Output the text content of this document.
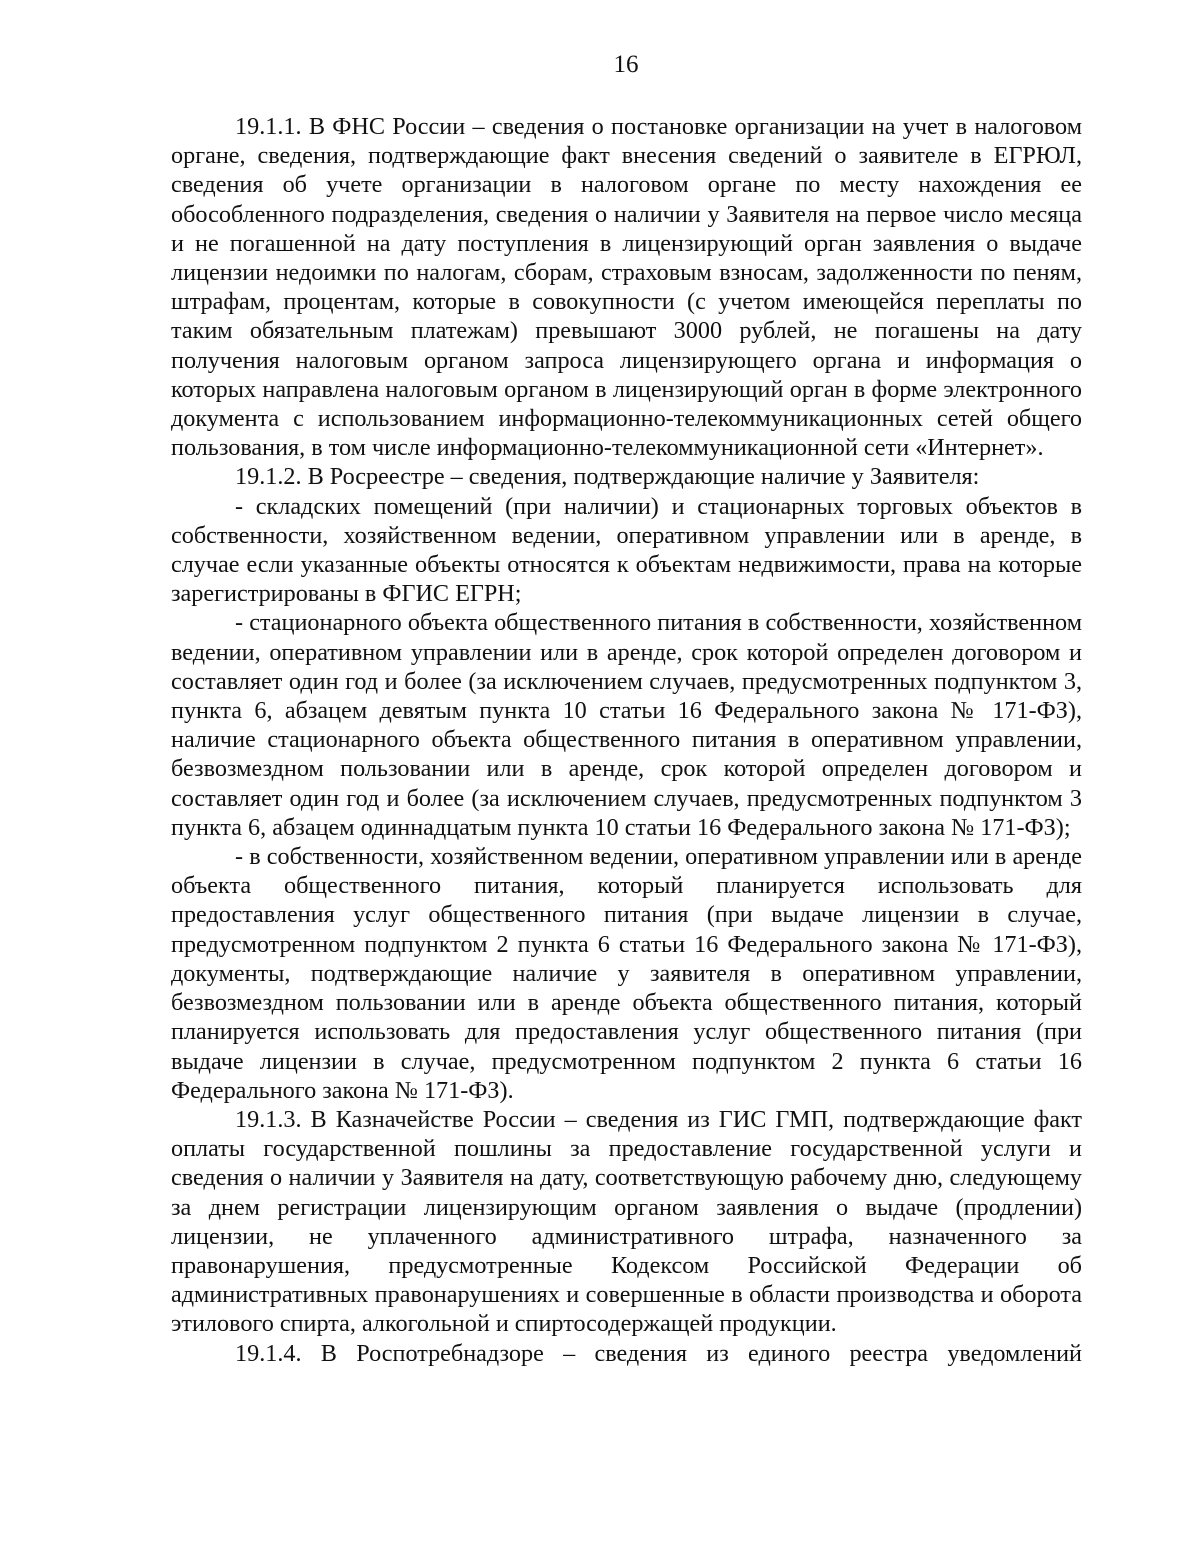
16

19.1.1. В ФНС России – сведения о постановке организации на учет в налоговом органе, сведения, подтверждающие факт внесения сведений о заявителе в ЕГРЮЛ, сведения об учете организации в налоговом органе по месту нахождения ее обособленного подразделения, сведения о наличии у Заявителя на первое число месяца и не погашенной на дату поступления в лицензирующий орган заявления о выдаче лицензии недоимки по налогам, сборам, страховым взносам, задолженности по пеням, штрафам, процентам, которые в совокупности (с учетом имеющейся переплаты по таким обязательным платежам) превышают 3000 рублей, не погашены на дату получения налоговым органом запроса лицензирующего органа и информация о которых направлена налоговым органом в лицензирующий орган в форме электронного документа с использованием информационно-телекоммуникационных сетей общего пользования, в том числе информационно-телекоммуникационной сети «Интернет».

19.1.2. В Росреестре – сведения, подтверждающие наличие у Заявителя:

- складских помещений (при наличии) и стационарных торговых объектов в собственности, хозяйственном ведении, оперативном управлении или в аренде, в случае если указанные объекты относятся к объектам недвижимости, права на которые зарегистрированы в ФГИС ЕГРН;

- стационарного объекта общественного питания в собственности, хозяйственном ведении, оперативном управлении или в аренде, срок которой определен договором и составляет один год и более (за исключением случаев, предусмотренных подпунктом 3, пункта 6, абзацем девятым пункта 10 статьи 16 Федерального закона № 171-ФЗ), наличие стационарного объекта общественного питания в оперативном управлении, безвозмездном пользовании или в аренде, срок которой определен договором и составляет один год и более (за исключением случаев, предусмотренных подпунктом 3 пункта 6, абзацем одиннадцатым пункта 10 статьи 16 Федерального закона № 171-ФЗ);

- в собственности, хозяйственном ведении, оперативном управлении или в аренде объекта общественного питания, который планируется использовать для предоставления услуг общественного питания (при выдаче лицензии в случае, предусмотренном подпунктом 2 пункта 6 статьи 16 Федерального закона № 171-ФЗ), документы, подтверждающие наличие у заявителя в оперативном управлении, безвозмездном пользовании или в аренде объекта общественного питания, который планируется использовать для предоставления услуг общественного питания (при выдаче лицензии в случае, предусмотренном подпунктом 2 пункта 6 статьи 16 Федерального закона № 171-ФЗ).

19.1.3. В Казначействе России – сведения из ГИС ГМП, подтверждающие факт оплаты государственной пошлины за предоставление государственной услуги и сведения о наличии у Заявителя на дату, соответствующую рабочему дню, следующему за днем регистрации лицензирующим органом заявления о выдаче (продлении) лицензии, не уплаченного административного штрафа, назначенного за правонарушения, предусмотренные Кодексом Российской Федерации об административных правонарушениях и совершенные в области производства и оборота этилового спирта, алкогольной и спиртосодержащей продукции.

19.1.4. В Роспотребнадзоре – сведения из единого реестра уведомлений
